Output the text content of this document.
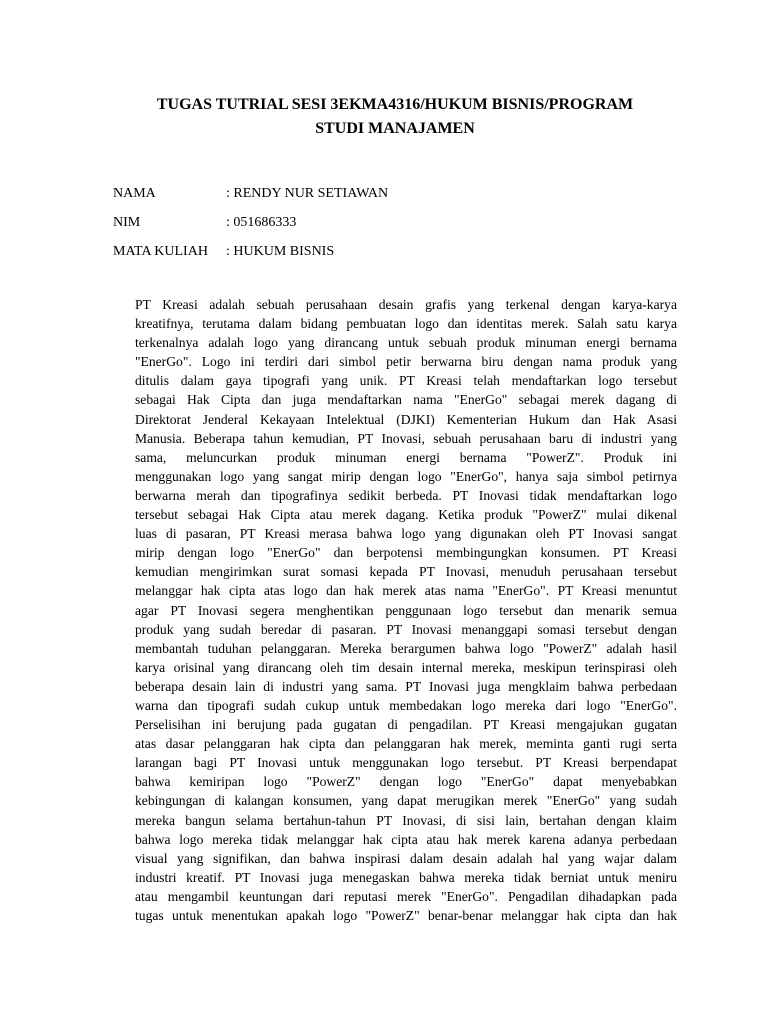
TUGAS TUTRIAL SESI 3EKMA4316/HUKUM BISNIS/PROGRAM
STUDI MANAJAMEN
NAMA	: RENDY NUR SETIAWAN
NIM	: 051686333
MATA KULIAH	: HUKUM BISNIS
PT Kreasi adalah sebuah perusahaan desain grafis yang terkenal dengan karya-karya
kreatifnya, terutama dalam bidang pembuatan logo dan identitas merek. Salah satu karya
terkenalnya adalah logo yang dirancang untuk sebuah produk minuman energi bernama
"EnerGo". Logo ini terdiri dari simbol petir berwarna biru dengan nama produk yang
ditulis dalam gaya tipografi yang unik. PT Kreasi telah mendaftarkan logo tersebut
sebagai Hak Cipta dan juga mendaftarkan nama "EnerGo" sebagai merek dagang di
Direktorat Jenderal Kekayaan Intelektual (DJKI) Kementerian Hukum dan Hak Asasi
Manusia. Beberapa tahun kemudian, PT Inovasi, sebuah perusahaan baru di industri yang
sama, meluncurkan produk minuman energi bernama "PowerZ". Produk ini
menggunakan logo yang sangat mirip dengan logo "EnerGo", hanya saja simbol petirnya
berwarna merah dan tipografinya sedikit berbeda. PT Inovasi tidak mendaftarkan logo
tersebut sebagai Hak Cipta atau merek dagang. Ketika produk "PowerZ" mulai dikenal
luas di pasaran, PT Kreasi merasa bahwa logo yang digunakan oleh PT Inovasi sangat
mirip dengan logo "EnerGo" dan berpotensi membingungkan konsumen. PT Kreasi
kemudian mengirimkan surat somasi kepada PT Inovasi, menuduh perusahaan tersebut
melanggar hak cipta atas logo dan hak merek atas nama "EnerGo". PT Kreasi menuntut
agar PT Inovasi segera menghentikan penggunaan logo tersebut dan menarik semua
produk yang sudah beredar di pasaran. PT Inovasi menanggapi somasi tersebut dengan
membantah tuduhan pelanggaran. Mereka berargumen bahwa logo "PowerZ" adalah hasil
karya orisinal yang dirancang oleh tim desain internal mereka, meskipun terinspirasi oleh
beberapa desain lain di industri yang sama. PT Inovasi juga mengklaim bahwa perbedaan
warna dan tipografi sudah cukup untuk membedakan logo mereka dari logo "EnerGo".
Perselisihan ini berujung pada gugatan di pengadilan. PT Kreasi mengajukan gugatan
atas dasar pelanggaran hak cipta dan pelanggaran hak merek, meminta ganti rugi serta
larangan bagi PT Inovasi untuk menggunakan logo tersebut. PT Kreasi berpendapat
bahwa kemiripan logo "PowerZ" dengan logo "EnerGo" dapat menyebabkan
kebingungan di kalangan konsumen, yang dapat merugikan merek "EnerGo" yang sudah
mereka bangun selama bertahun-tahun PT Inovasi, di sisi lain, bertahan dengan klaim
bahwa logo mereka tidak melanggar hak cipta atau hak merek karena adanya perbedaan
visual yang signifikan, dan bahwa inspirasi dalam desain adalah hal yang wajar dalam
industri kreatif. PT Inovasi juga menegaskan bahwa mereka tidak berniat untuk meniru
atau mengambil keuntungan dari reputasi merek "EnerGo". Pengadilan dihadapkan pada
tugas untuk menentukan apakah logo "PowerZ" benar-benar melanggar hak cipta dan hak
